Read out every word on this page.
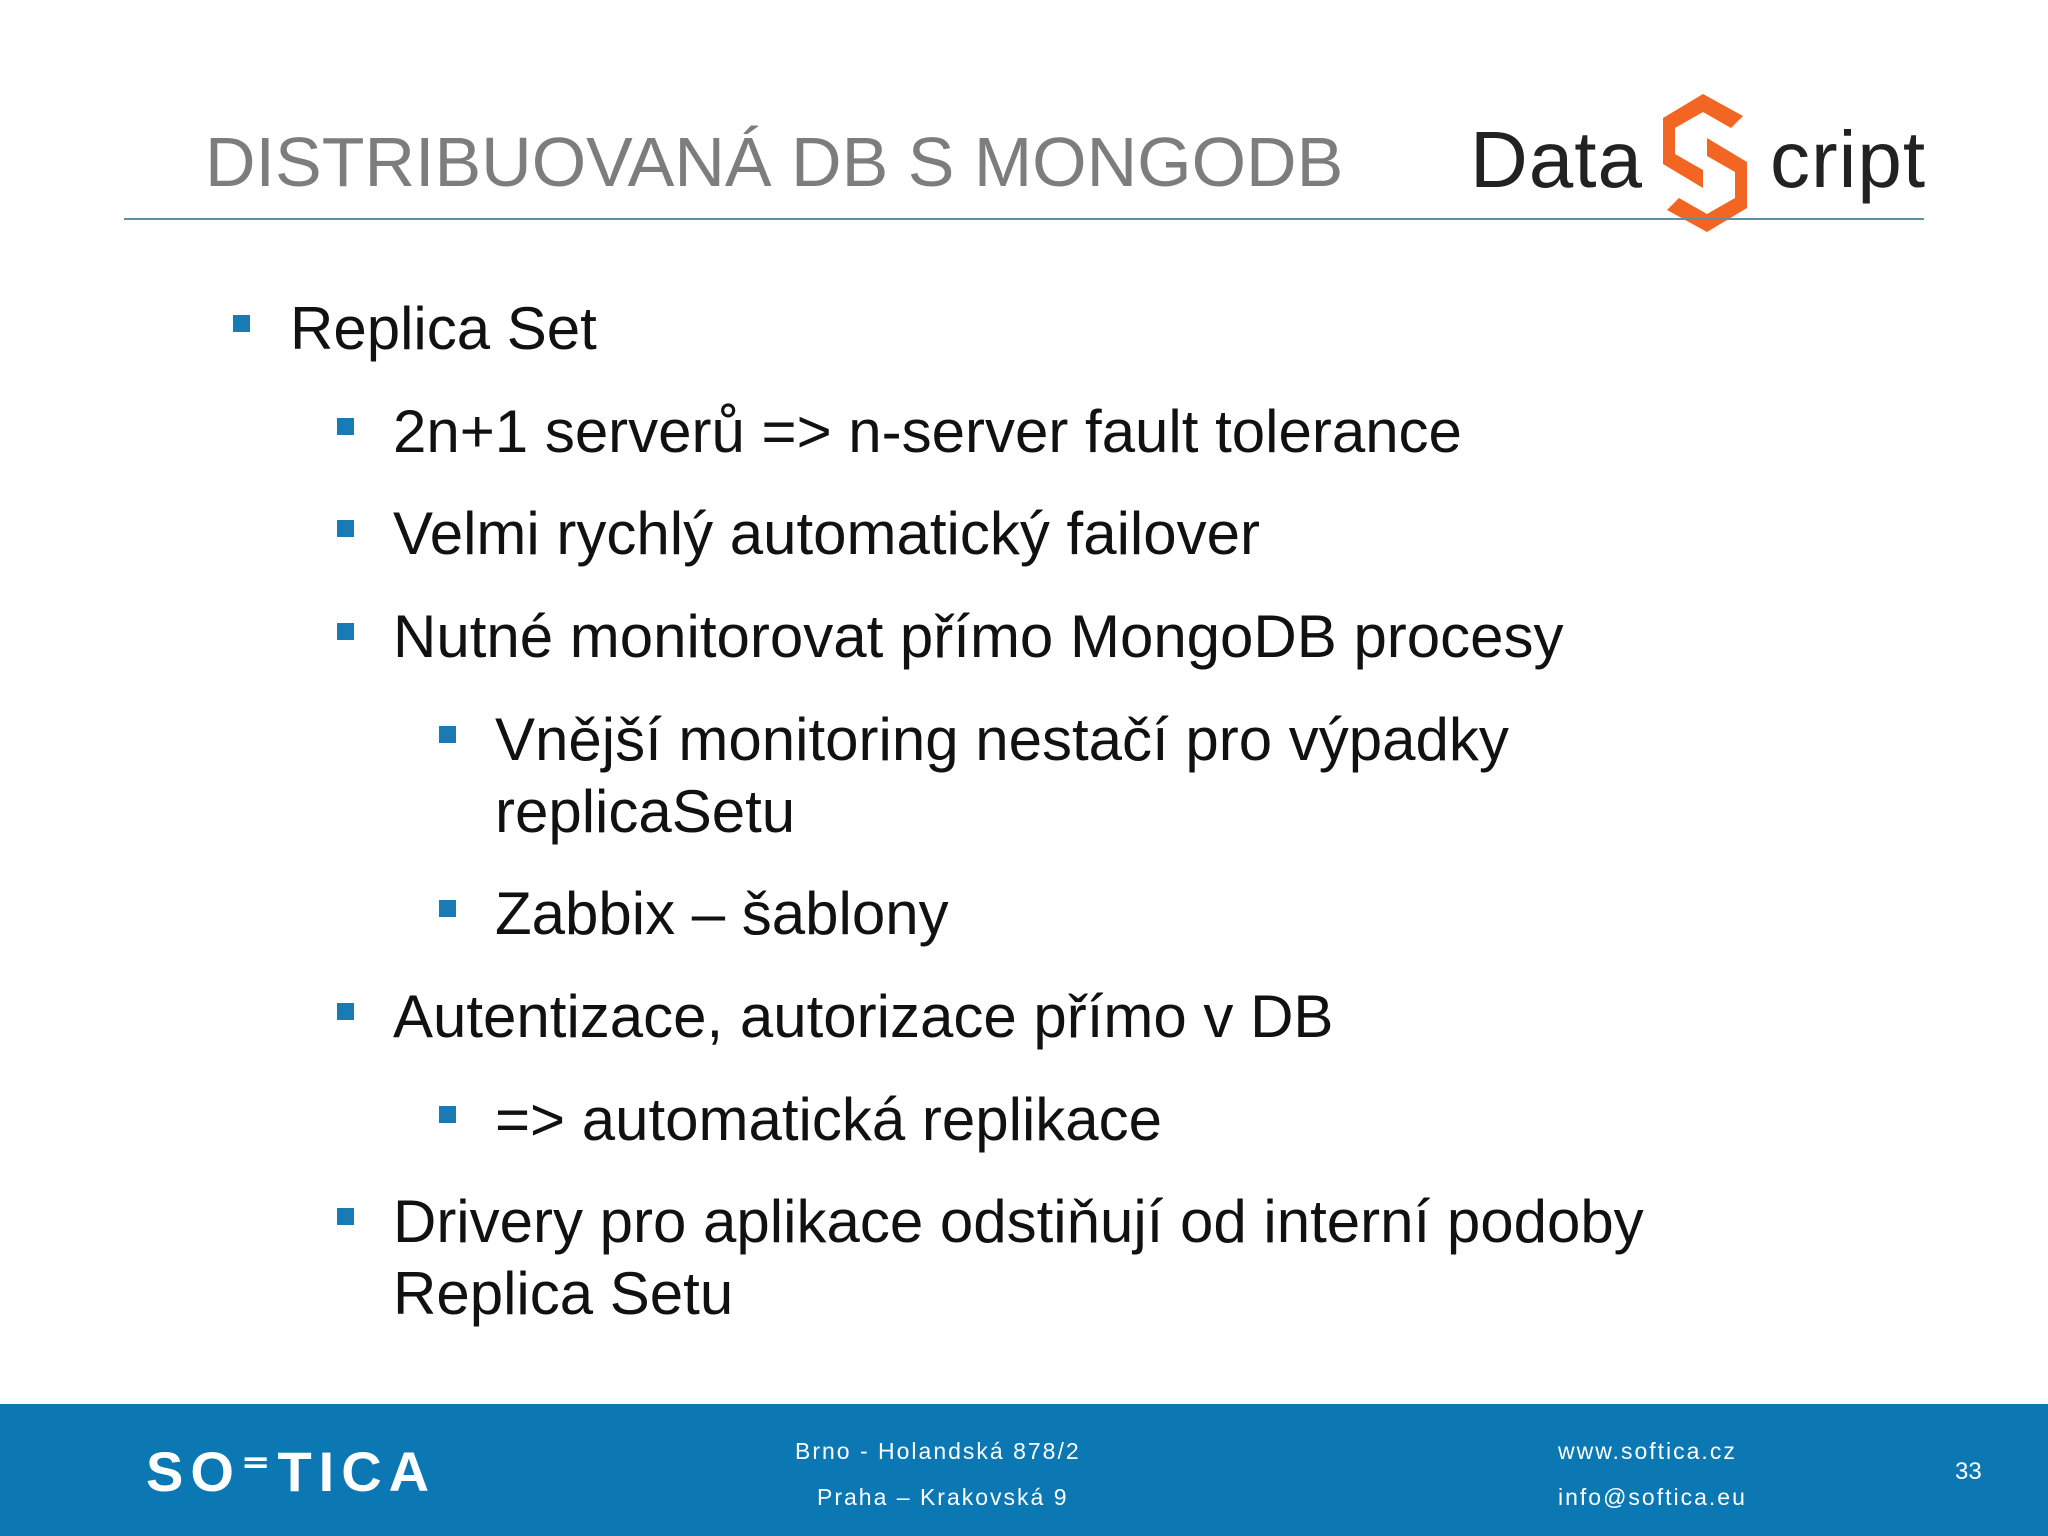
DISTRIBUOVANÁ DB S MONGODB Data cript
Replica Set
2n+1 serverů => n-server fault tolerance
Velmi rychlý automatický failover
Nutné monitorovat přímo MongoDB procesy
Vnější monitoring nestačí pro výpadky
replicaSetu
Zabbix – šablony
Autentizace, autorizace přímo v DB
=> automatická replikace
Drivery pro aplikace odstiňují od interní podoby
Replica Setu
SO⁼TICA	Brno - Holandská 878/2
Praha – Krakovská 9
www.softica.cz
info@softica.eu
33
